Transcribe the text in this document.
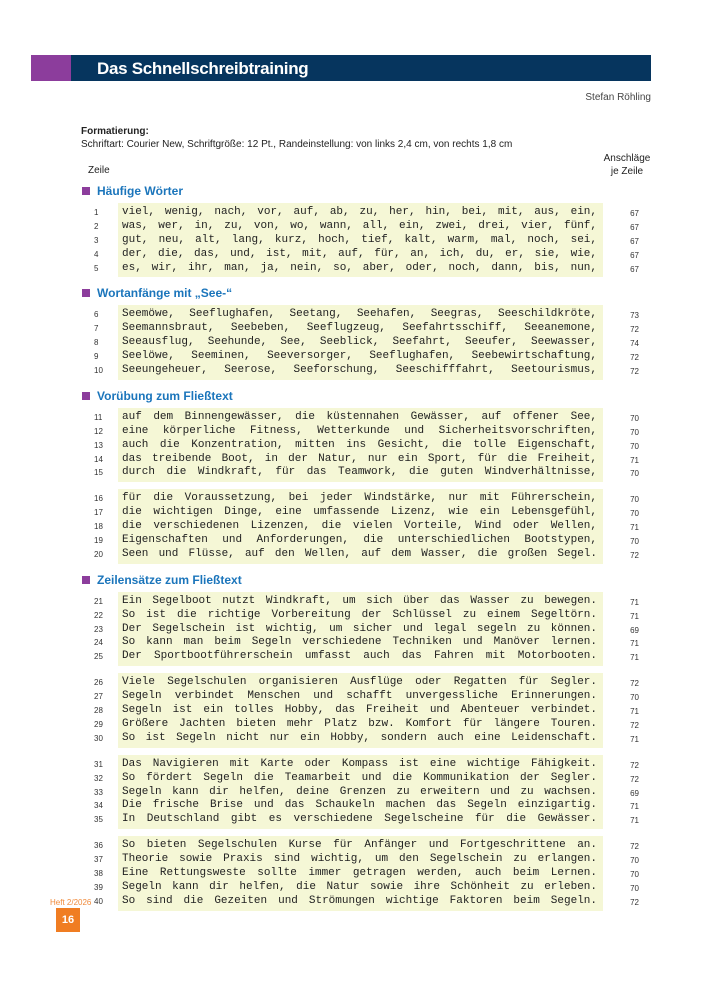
Das Schnellschreibtraining
Stefan Röhling
Formatierung:
Schriftart: Courier New, Schriftgröße: 12 Pt., Randeinstellung: von links 2,4 cm, von rechts 1,8 cm
Zeile
Anschläge
je Zeile
Häufige Wörter
1
2
3
4
5
viel, wenig, nach, vor, auf, ab, zu, her, hin, bei, mit, aus, ein,
was, wer, in, zu, von, wo, wann, all, ein, zwei, drei, vier, fünf,
gut, neu, alt, lang, kurz, hoch, tief, kalt, warm, mal, noch, sei,
der, die, das, und, ist, mit, auf, für, an, ich, du, er, sie, wie,
es, wir, ihr, man, ja, nein, so, aber, oder, noch, dann, bis, nun,
67
67
67
67
67
Wortanfänge mit „See-“
6
7
8
9
10
Seemöwe, Seeflughafen, Seetang, Seehafen, Seegras, Seeschildkröte,
Seemannsbraut, Seebeben, Seeflugzeug, Seefahrtsschiff, Seeanemone,
Seeausflug, Seehunde, See, Seeblick, Seefahrt, Seeufer, Seewasser,
Seelöwe, Seeminen, Seeversorger, Seeflughafen, Seebewirtschaftung,
Seeungeheuer, Seerose, Seeforschung, Seeschifffahrt, Seetourismus,
73
72
74
72
72
Vorübung zum Fließtext
11
12
13
14
15
auf dem Binnengewässer, die küstennahen Gewässer, auf offener See,
eine körperliche Fitness, Wetterkunde und Sicherheitsvorschriften,
auch die Konzentration, mitten ins Gesicht, die tolle Eigenschaft,
das treibende Boot, in der Natur, nur ein Sport, für die Freiheit,
durch die Windkraft, für das Teamwork, die guten Windverhältnisse,
70
70
70
71
70
16
17
18
19
20
für die Voraussetzung, bei jeder Windstärke, nur mit Führerschein,
die wichtigen Dinge, eine umfassende Lizenz, wie ein Lebensgefühl,
die verschiedenen Lizenzen, die vielen Vorteile, Wind oder Wellen,
Eigenschaften und Anforderungen, die unterschiedlichen Bootstypen,
Seen und Flüsse, auf den Wellen, auf dem Wasser, die großen Segel.
70
70
71
70
72
Zeilensätze zum Fließtext
21
22
23
24
25
Ein Segelboot nutzt Windkraft, um sich über das Wasser zu bewegen.
So ist die richtige Vorbereitung der Schlüssel zu einem Segeltörn.
Der Segelschein ist wichtig, um sicher und legal segeln zu können.
So kann man beim Segeln verschiedene Techniken und Manöver lernen.
Der Sportbootführerschein umfasst auch das Fahren mit Motorbooten.
71
71
69
71
71
26
27
28
29
30
Viele Segelschulen organisieren Ausflüge oder Regatten für Segler.
Segeln verbindet Menschen und schafft unvergessliche Erinnerungen.
Segeln ist ein tolles Hobby, das Freiheit und Abenteuer verbindet.
Größere Jachten bieten mehr Platz bzw. Komfort für längere Touren.
So ist Segeln nicht nur ein Hobby, sondern auch eine Leidenschaft.
72
70
71
72
71
31
32
33
34
35
Das Navigieren mit Karte oder Kompass ist eine wichtige Fähigkeit.
So fördert Segeln die Teamarbeit und die Kommunikation der Segler.
Segeln kann dir helfen, deine Grenzen zu erweitern und zu wachsen.
Die frische Brise und das Schaukeln machen das Segeln einzigartig.
In Deutschland gibt es verschiedene Segelscheine für die Gewässer.
72
72
69
71
71
36
37
38
39
40
So bieten Segelschulen Kurse für Anfänger und Fortgeschrittene an.
Theorie sowie Praxis sind wichtig, um den Segelschein zu erlangen.
Eine Rettungsweste sollte immer getragen werden, auch beim Lernen.
Segeln kann dir helfen, die Natur sowie ihre Schönheit zu erleben.
So sind die Gezeiten und Strömungen wichtige Faktoren beim Segeln.
72
70
70
70
72
Heft 2/2026
16
